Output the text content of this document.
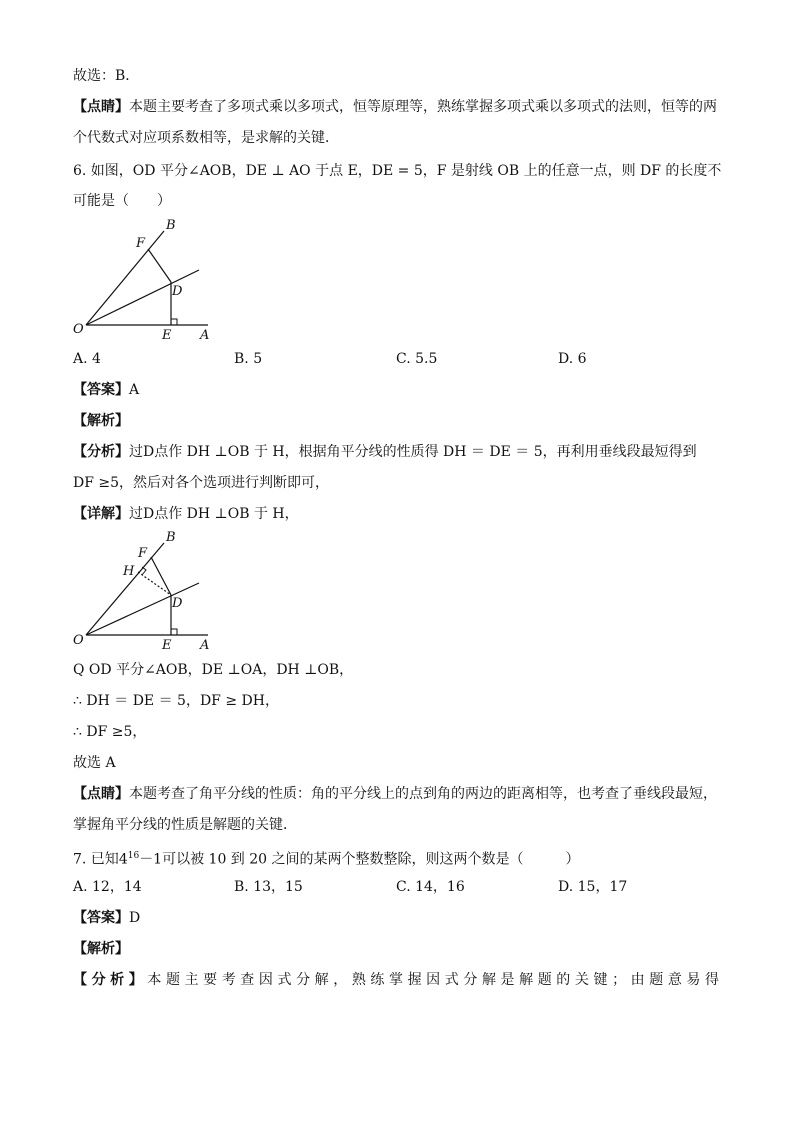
故选：B．
【点睛】本题主要考查了多项式乘以多项式，恒等原理等，熟练掌握多项式乘以多项式的法则，恒等的两
个代数式对应项系数相等，是求解的关键．
6. 如图，OD 平分∠AOB，DE ⊥ AO 于点 E，DE = 5，F 是射线 OB 上的任意一点，则 DF 的长度不
可能是（　　）
B
F
D
O	E A
A. 4	B. 5	C. 5.5	D. 6
【答案】A
【解析】
【分析】过D点作 DH ⊥OB 于 H，根据角平分线的性质得 DH ＝ DE ＝ 5，再利用垂线段最短得到
DF ≥5，然后对各个选项进行判断即可，
【详解】过D点作 DH ⊥OB 于 H，
B
F
H
D
O	E A
Q OD 平分∠AOB，DE ⊥OA，DH ⊥OB，
∴ DH ＝ DE ＝ 5，DF ≥ DH，
∴ DF ≥5，
故选 A
【点睛】本题考查了角平分线的性质：角的平分线上的点到角的两边的距离相等，也考查了垂线段最短，
掌握角平分线的性质是解题的关键．
7. 已知$4^{16}-1$可以被 10 到 20 之间的某两个整数整除，则这两个数是（　　　）
A. 12，14	B. 13，15	C. 14，16	D. 15，17
【答案】D
【解析】
【分析】本题主要考查因式分解，熟练掌握因式分解是解题的关键；由题意易得
